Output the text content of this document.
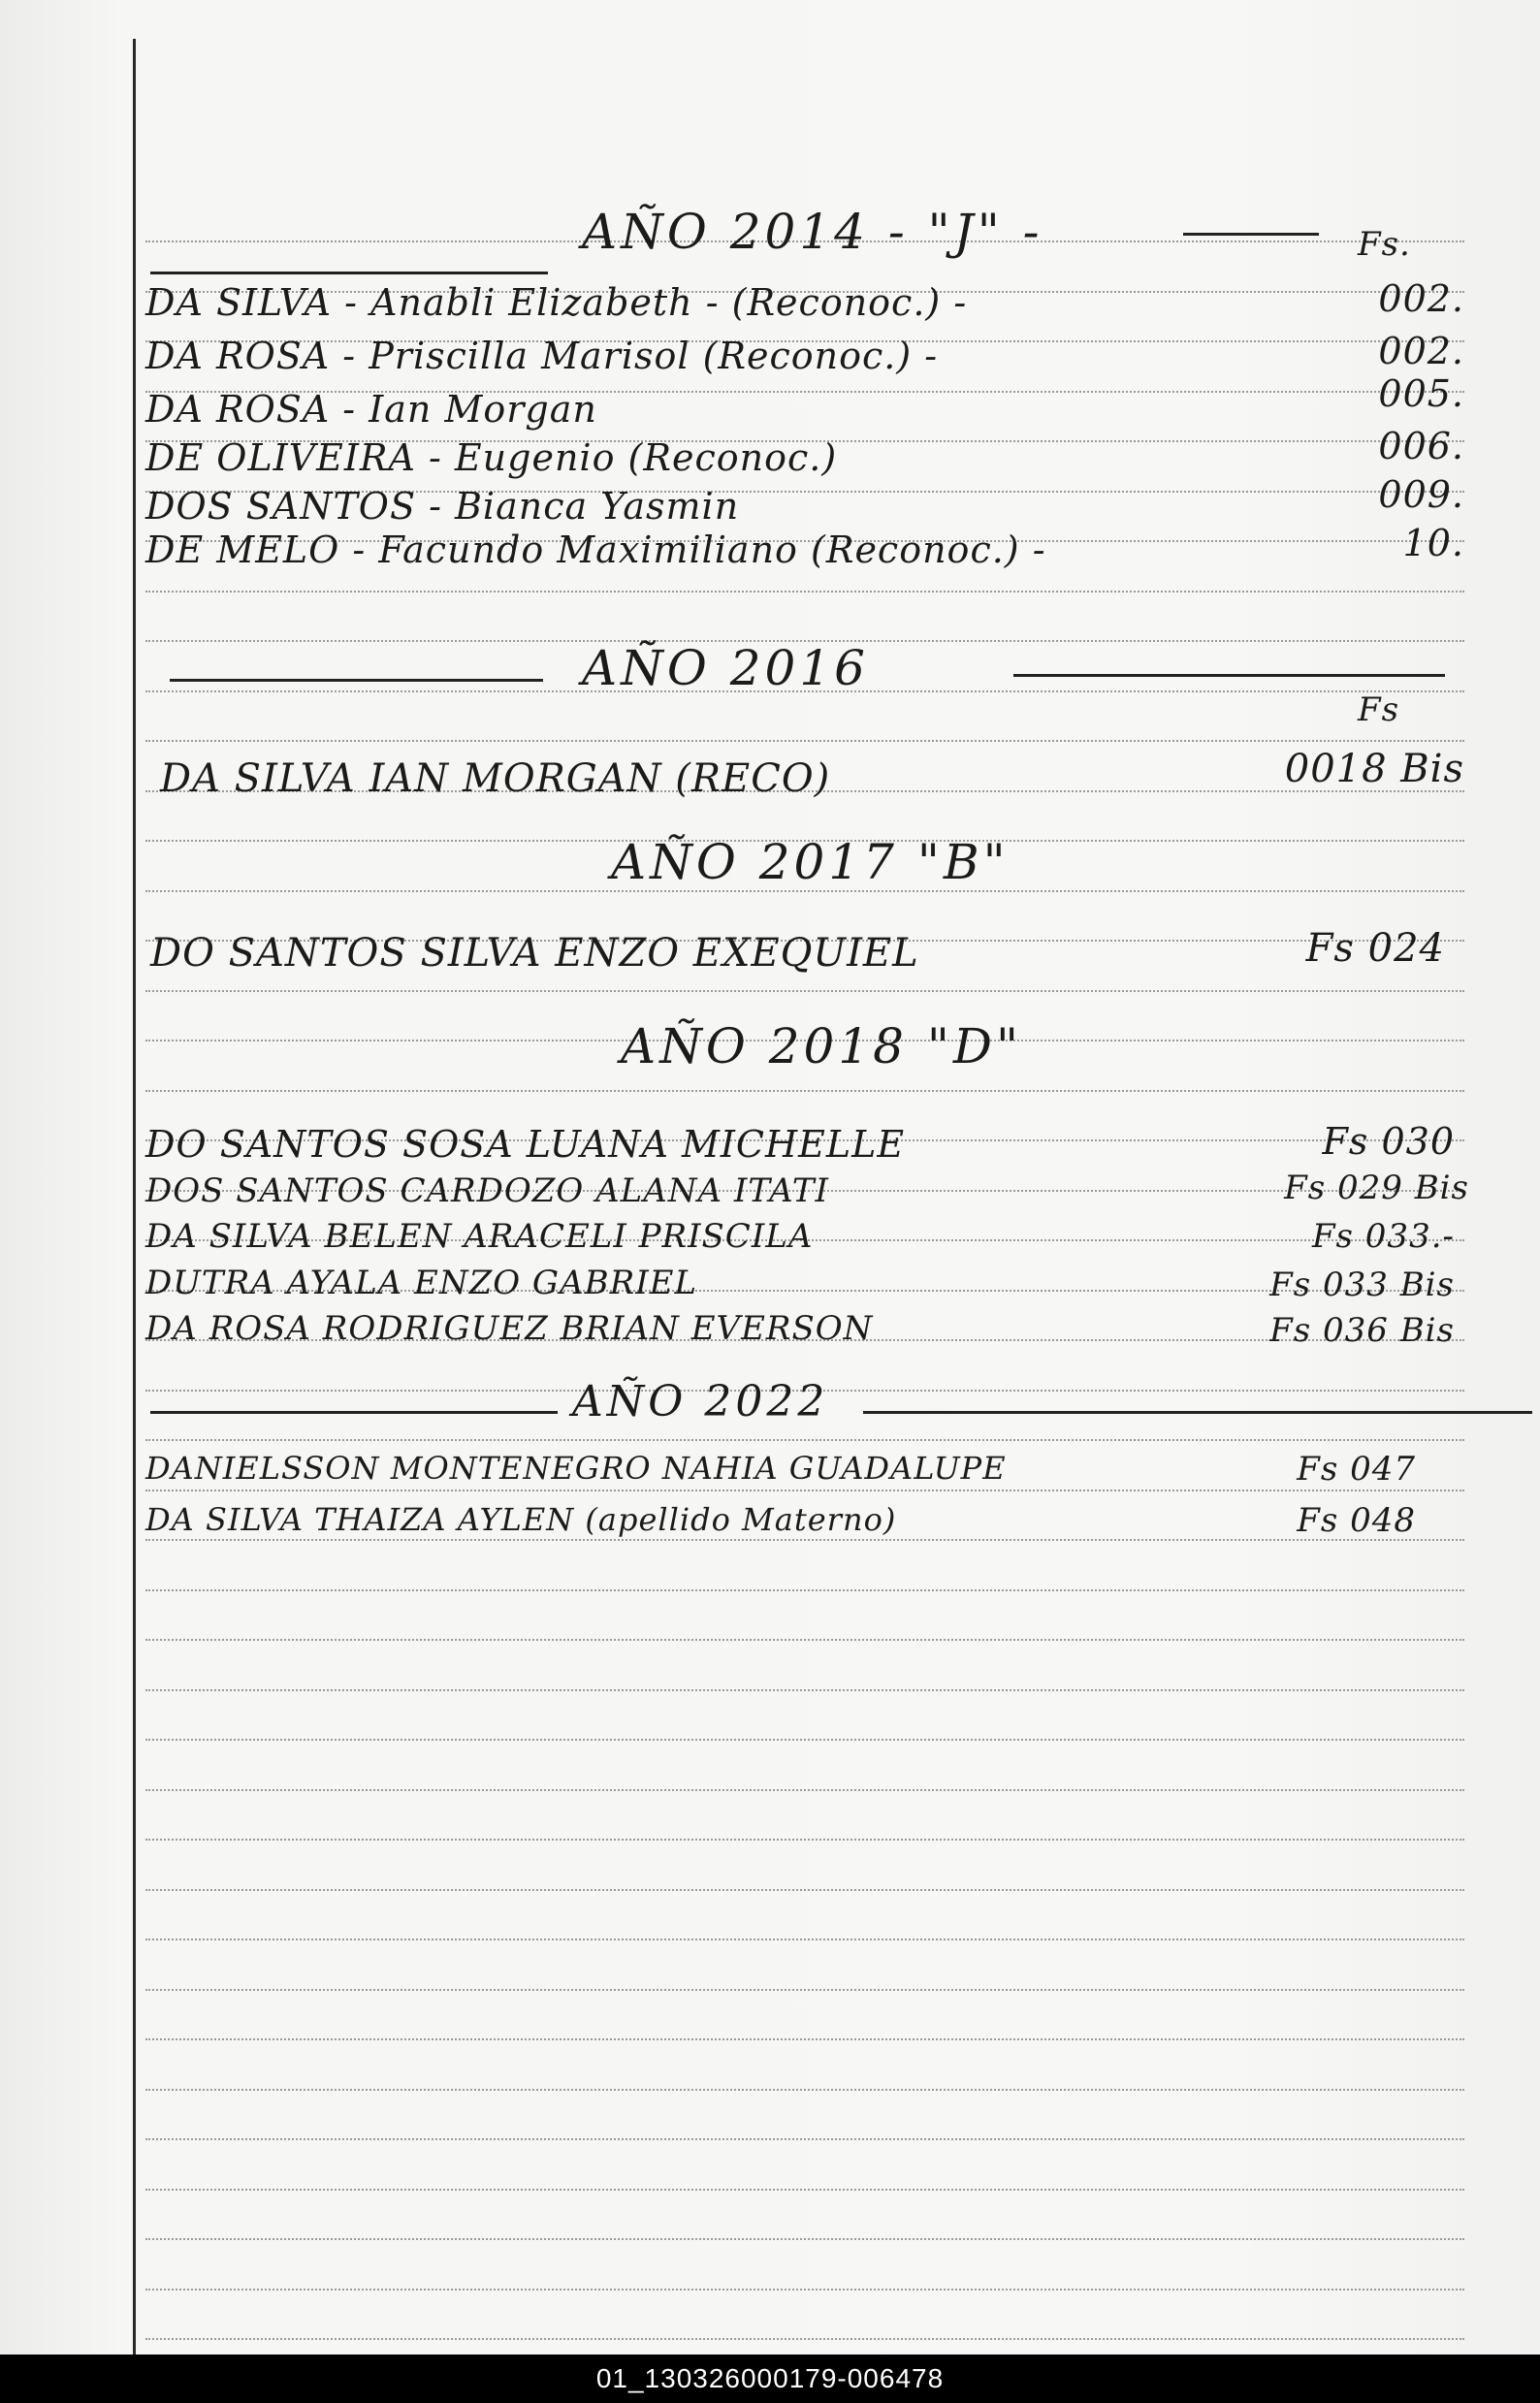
AÑO 2014 - "J" -	Fs.
DA SILVA - Anabli Elizabeth - (Reconoc.) -	002.
DA ROSA - Priscilla Marisol (Reconoc.) -	002.
DA ROSA - Ian Morgan	005.
DE OLIVEIRA - Eugenio (Reconoc.)	006.
DOS SANTOS - Bianca Yasmin	009.
DE MELO - Facundo Maximiliano (Reconoc.) -	10.
AÑO 2016
Fs
DA SILVA IAN MORGAN (RECO)	0018 Bis
AÑO 2017 "B"
DO SANTOS SILVA ENZO EXEQUIEL	Fs 024
AÑO 2018 "D"
DO SANTOS SOSA LUANA MICHELLE	Fs 030
DOS SANTOS CARDOZO ALANA ITATI	Fs 029 Bis
DA SILVA BELEN ARACELI PRISCILA	Fs 033.-
DUTRA AYALA ENZO GABRIEL	Fs 033 Bis
DA ROSA RODRIGUEZ BRIAN EVERSON	Fs 036 Bis
AÑO 2022
DANIELSSON MONTENEGRO NAHIA GUADALUPE	Fs 047
DA SILVA THAIZA AYLEN (apellido Materno)	Fs 048
01_130326000179-006478
